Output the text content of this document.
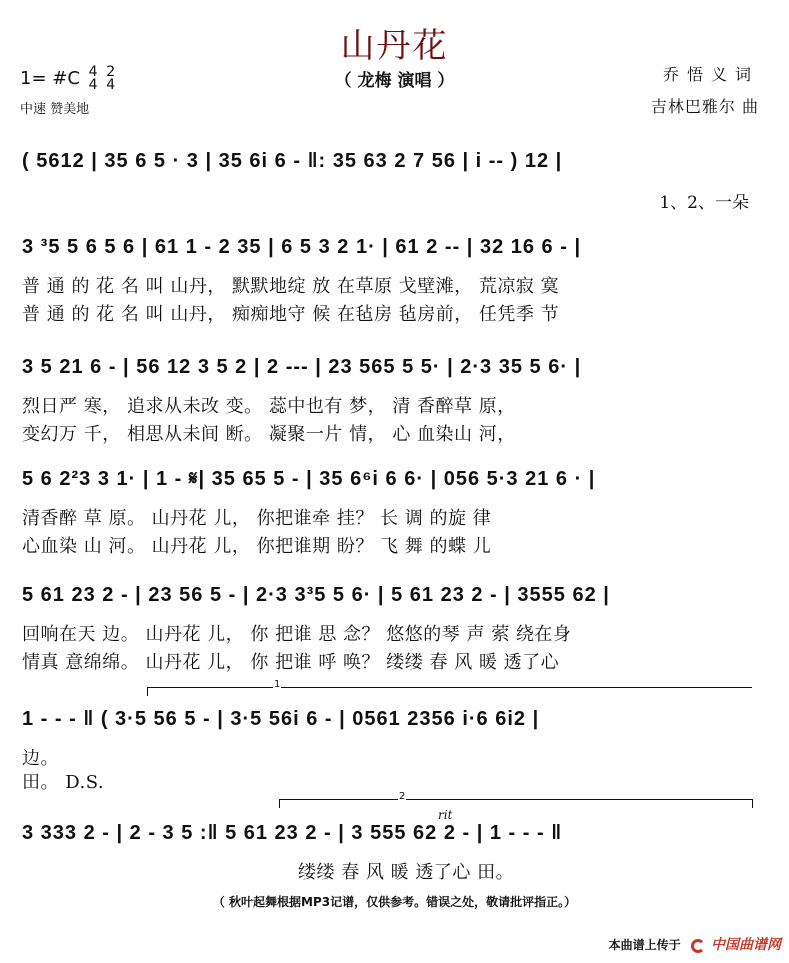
山丹花
（ 龙梅 演唱 ）
1= #C 4
4

2
4
中速 赞美地
乔悟义词
吉林巴雅尔 曲
( 5612 | 35 6 5 · 3 | 35 6i 6 - ‖: 35 63 2 7 56 | i -- ) 12 |
1、2、一朵
3 ³5 5 6 5 6 | 61 1 - 2 35 | 6 5 3 2 1· | 61 2 -- | 32 16 6 - |
普 通 的 花 名 叫 山丹， 默默地绽 放 在草原 戈壁滩， 荒凉寂 寞
普 通 的 花 名 叫 山丹， 痴痴地守 候 在毡房 毡房前， 任凭季 节
3 5 21 6 - | 56 12 3 5 2 | 2 --- | 23 565 5 5· | 2·3 35 5 6· |
烈日严 寒， 追求从未改 变。 蕊中也有 梦， 清 香醉草 原，
变幻万 千， 相思从未间 断。 凝聚一片 情， 心 血染山 河，
5 6 2²3 3 1· | 1 - 𝄋| 35 65 5 - | 35 6⁶i 6 6· | 056 5·3 21 6 · |
清香醉 草 原。 山丹花 儿， 你把谁牵 挂？ 长 调 的旋 律
心血染 山 河。 山丹花 儿， 你把谁期 盼？ 飞 舞 的蝶 儿
5 61 23 2 - | 23 56 5 - | 2·3 3³5 5 6· | 5 61 23 2 - | 3555 62 |
回响在天 边。 山丹花 儿， 你 把谁 思 念？ 悠悠的琴 声 萦 绕在身
情真 意绵绵。 山丹花 儿， 你 把谁 呼 唤？ 缕缕 春 风 暖 透了心
1
1 - - - ‖ ( 3·5 56 5 - | 3·5 56i 6 - | 0561 2356 i·6 6i2 |
边。
田。 D.S.
2
rit
3 333 2 - | 2 - 3 5 :‖ 5 61 23 2 - | 3 555 62 2 - | 1 - - - ‖
缕缕 春 风 暖 透了心 田。
（ 秋叶起舞根据MP3记谱，仅供参考。错误之处，敬请批评指正。）
本曲谱上传于 中国曲谱网
